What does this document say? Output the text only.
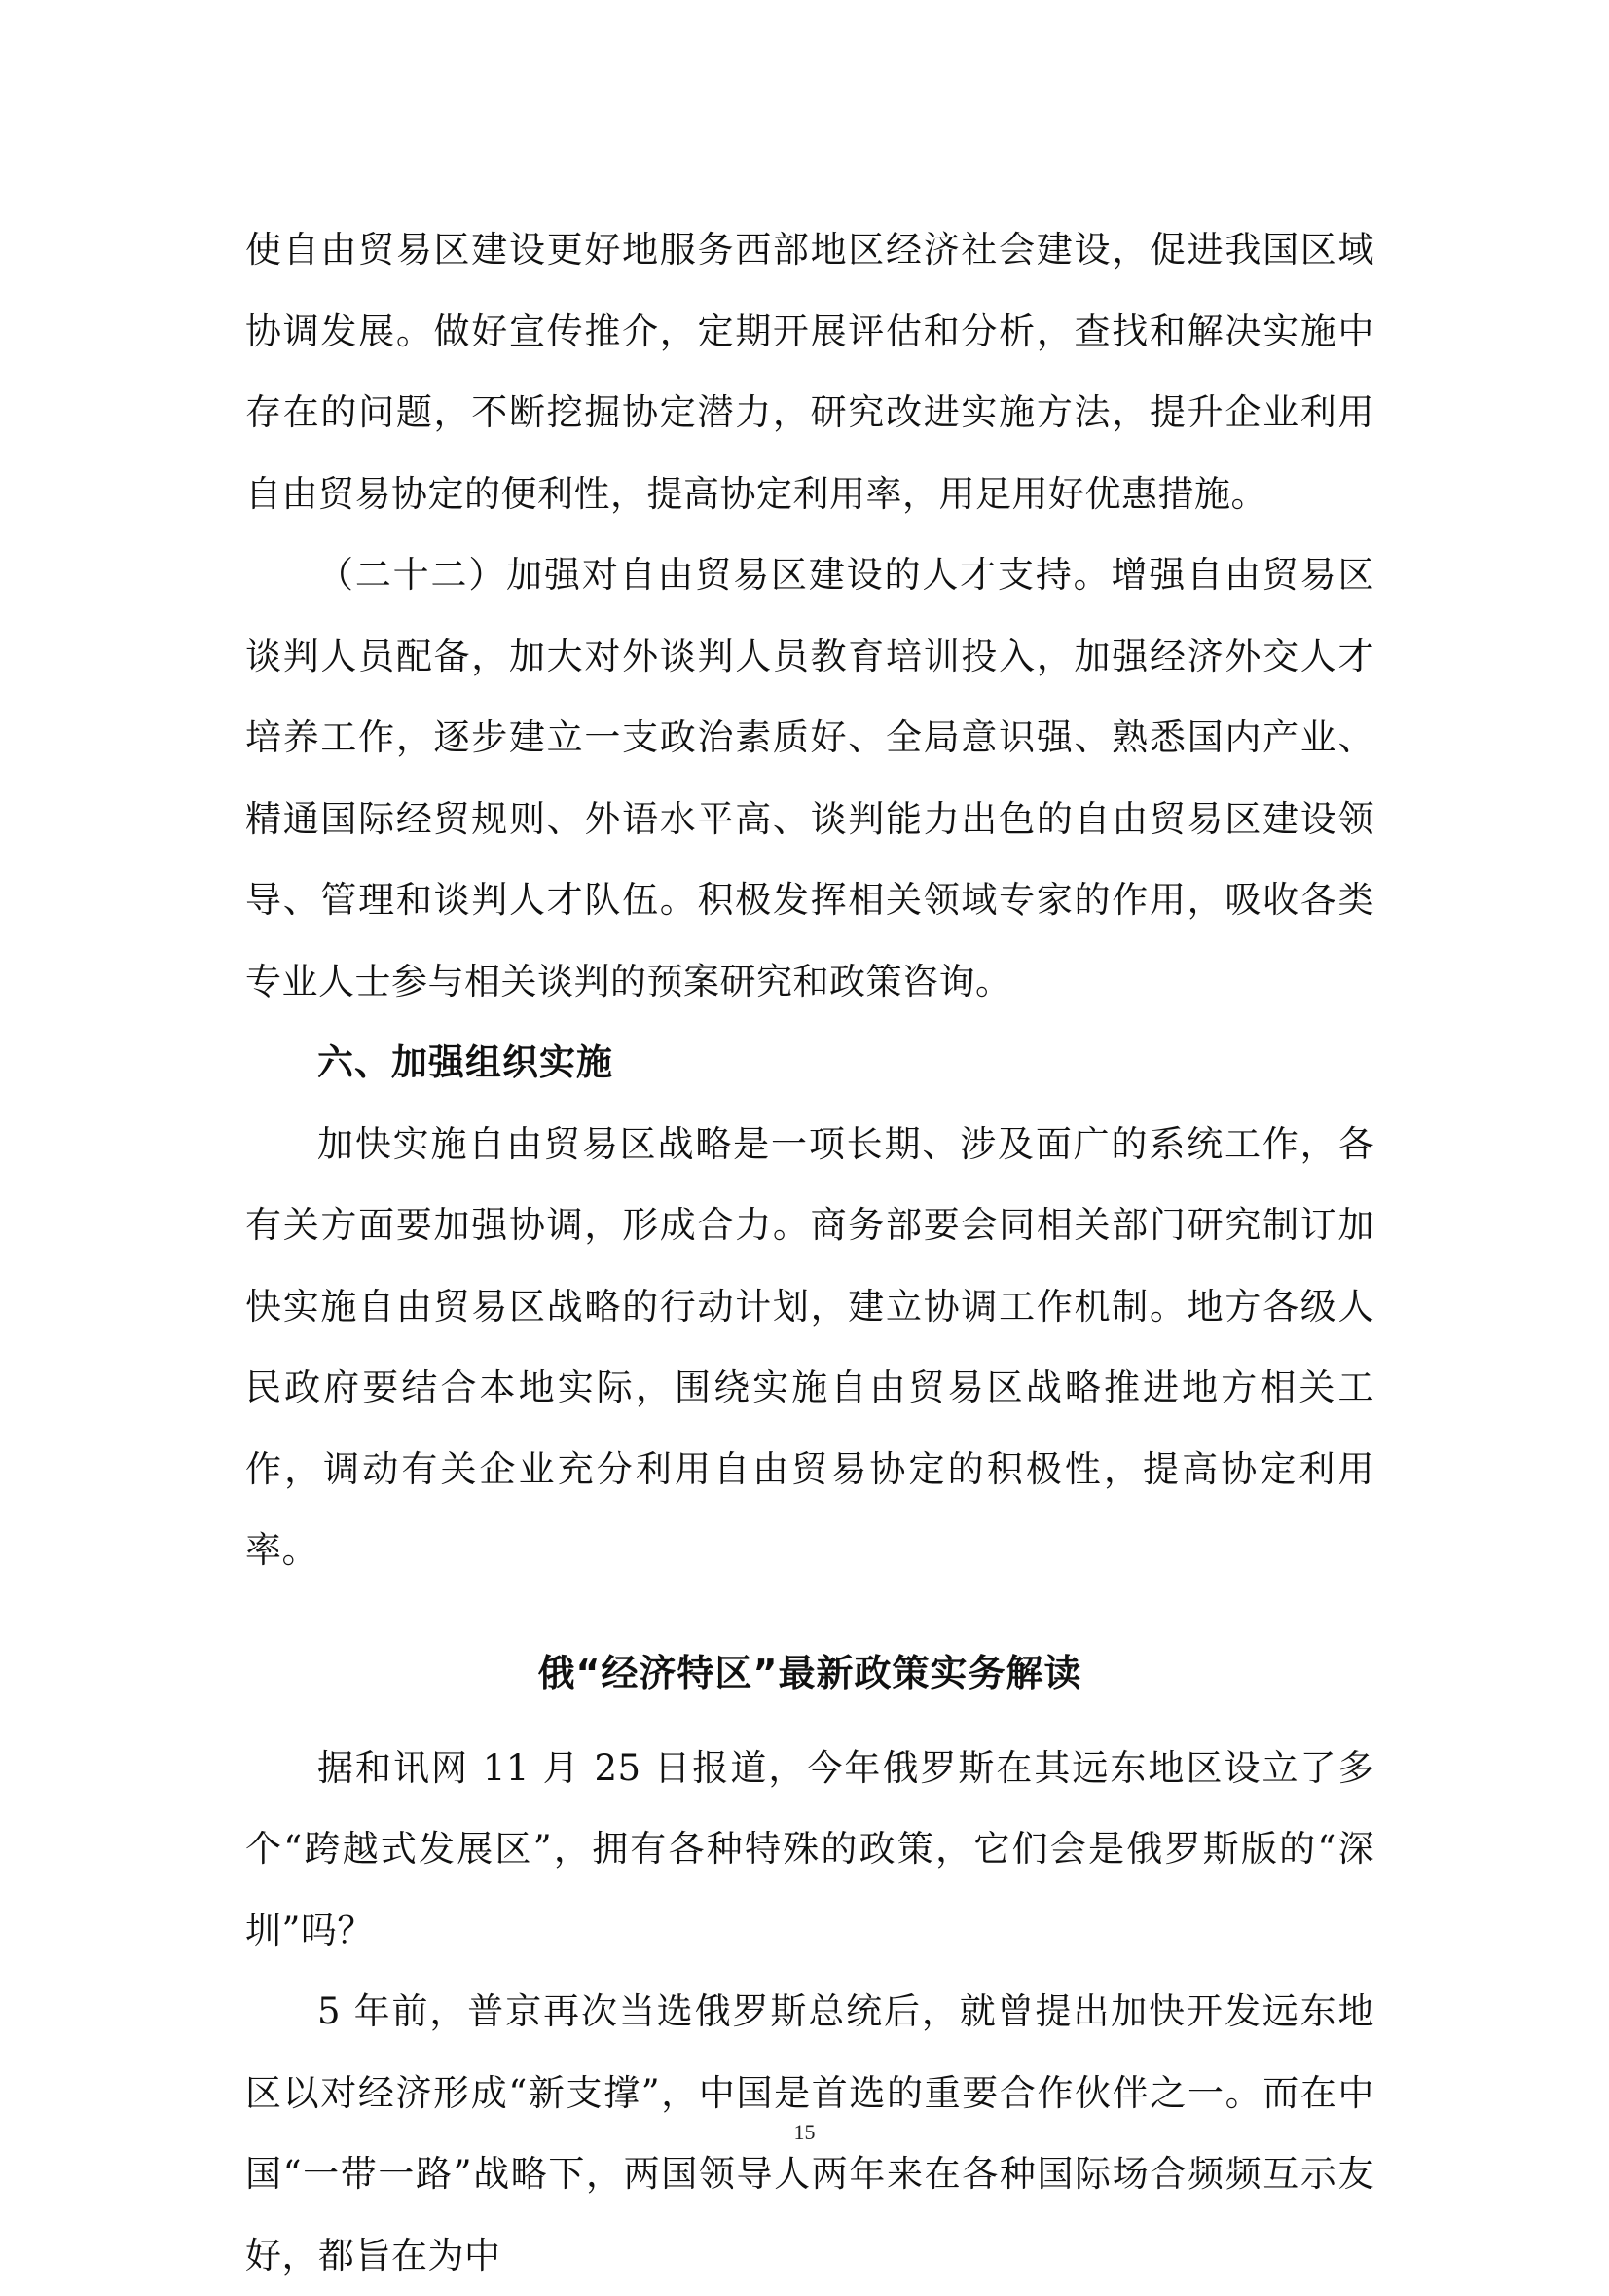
使自由贸易区建设更好地服务西部地区经济社会建设，促进我国区域协调发展。做好宣传推介，定期开展评估和分析，查找和解决实施中存在的问题，不断挖掘协定潜力，研究改进实施方法，提升企业利用自由贸易协定的便利性，提高协定利用率，用足用好优惠措施。

（二十二）加强对自由贸易区建设的人才支持。增强自由贸易区谈判人员配备，加大对外谈判人员教育培训投入，加强经济外交人才培养工作，逐步建立一支政治素质好、全局意识强、熟悉国内产业、精通国际经贸规则、外语水平高、谈判能力出色的自由贸易区建设领导、管理和谈判人才队伍。积极发挥相关领域专家的作用，吸收各类专业人士参与相关谈判的预案研究和政策咨询。

六、加强组织实施

加快实施自由贸易区战略是一项长期、涉及面广的系统工作，各有关方面要加强协调，形成合力。商务部要会同相关部门研究制订加快实施自由贸易区战略的行动计划，建立协调工作机制。地方各级人民政府要结合本地实际，围绕实施自由贸易区战略推进地方相关工作，调动有关企业充分利用自由贸易协定的积极性，提高协定利用率。

俄“经济特区”最新政策实务解读

据和讯网 11 月 25 日报道，今年俄罗斯在其远东地区设立了多个“跨越式发展区”，拥有各种特殊的政策，它们会是俄罗斯版的“深圳”吗？

5 年前，普京再次当选俄罗斯总统后，就曾提出加快开发远东地区以对经济形成“新支撑”，中国是首选的重要合作伙伴之一。而在中国“一带一路”战略下，两国领导人两年来在各种国际场合频频互示友好，都旨在为中

15
